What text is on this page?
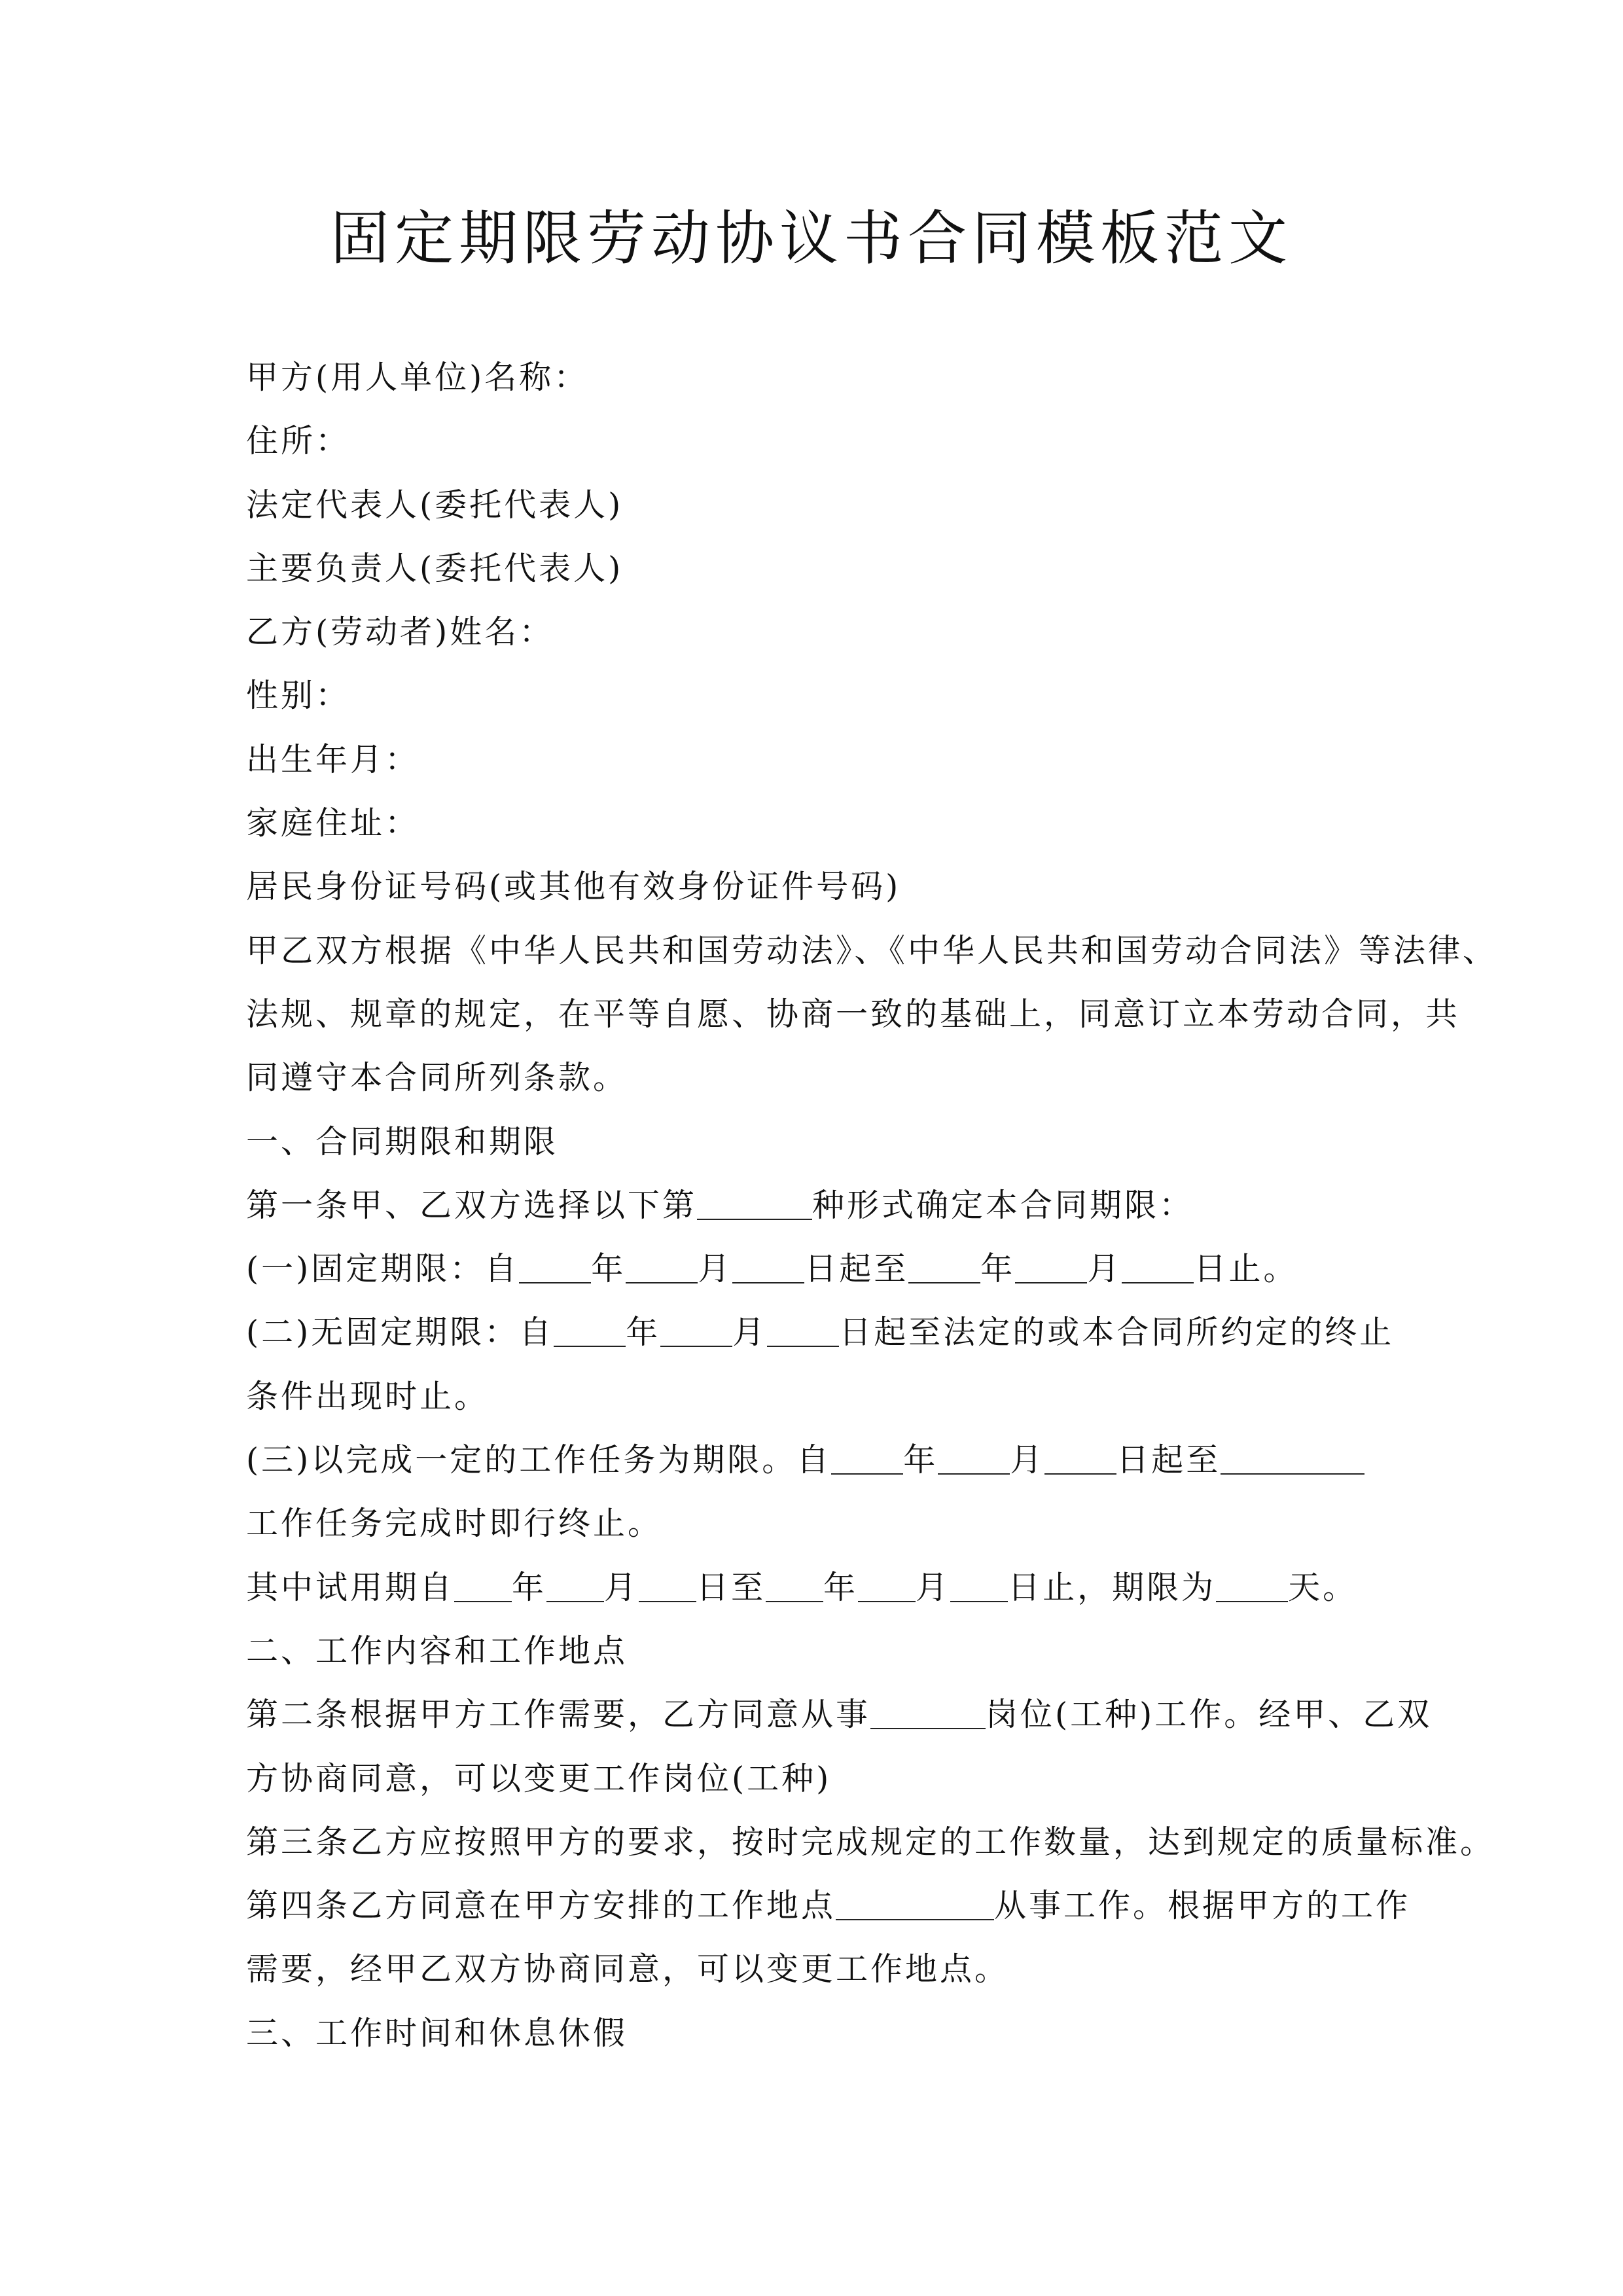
固定期限劳动协议书合同模板范文
甲方(用人单位)名称：
住所：
法定代表人(委托代表人)
主要负责人(委托代表人)
乙方(劳动者)姓名：
性别：
出生年月：
家庭住址：
居民身份证号码(或其他有效身份证件号码)
甲乙双方根据《中华人民共和国劳动法》、《中华人民共和国劳动合同法》等法律、
法规、规章的规定，在平等自愿、协商一致的基础上，同意订立本劳动合同，共
同遵守本合同所列条款。
一、合同期限和期限
第一条甲、乙双方选择以下第	种形式确定本合同期限：
(一)固定期限：自 年 月 日起至 年 月 日止。
(二)无固定期限：自 年 月 日起至法定的或本合同所约定的终止
条件出现时止。
(三)以完成一定的工作任务为期限。自 年 月 日起至
工作任务完成时即行终止。
其中试用期自 年 月 日至 年 月 日止，期限为 天。
二、工作内容和工作地点
第二条根据甲方工作需要，乙方同意从事	岗位(工种)工作。经甲、乙双
方协商同意，可以变更工作岗位(工种)
第三条乙方应按照甲方的要求，按时完成规定的工作数量，达到规定的质量标准。
第四条乙方同意在甲方安排的工作地点	从事工作。根据甲方的工作
需要，经甲乙双方协商同意，可以变更工作地点。
三、工作时间和休息休假
